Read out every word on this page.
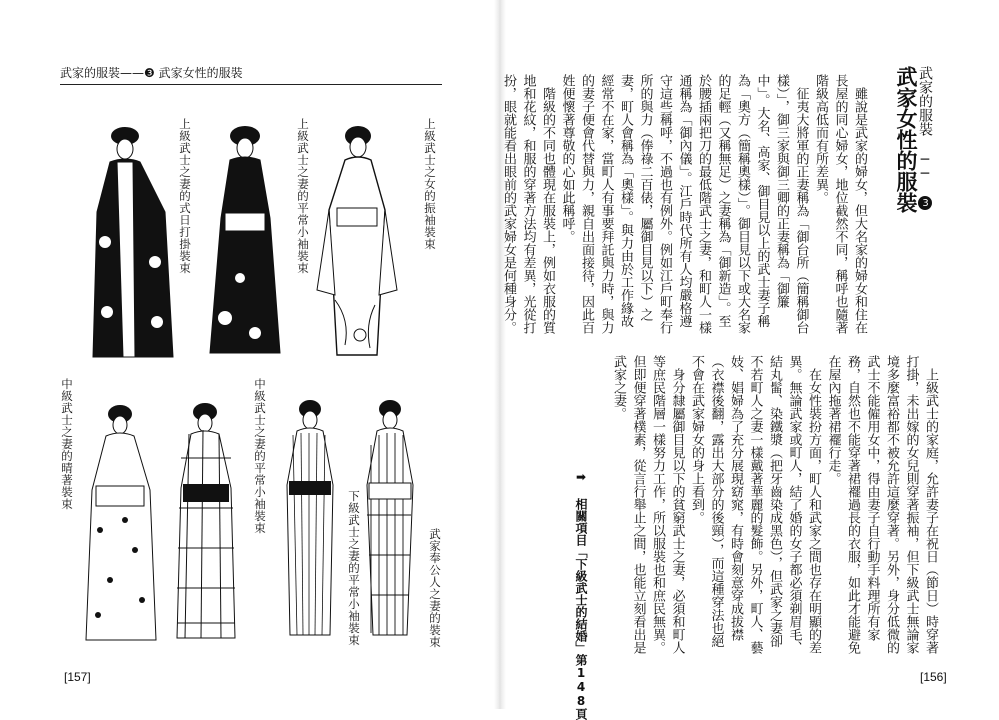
武家的服裝——❸ 武家女性的服裝
上級武士之女的振袖裝束
上級武士之妻的平常小袖裝束
上級武士之妻的式日打掛裝束
武家奉公人之妻的裝束
下級武士之妻的平常小袖裝束
中級武士之妻的平常小袖裝束
中級武士之妻的晴著裝束
[157]
武家的服裝 ── 3
武家女性的服裝

雖說是武家的婦女，但大名家的婦女和住在長屋的同心婦女，地位截然不同，稱呼也隨著階級高低而有所差異。

征夷大將軍的正妻稱為「御台所（簡稱御台樣）」，御三家與御三卿的正妻稱為「御簾中」。大名、高家、御目見以上的武士妻子稱為「奧方（簡稱奧樣）」。御目見以下或大名家的足輕（又稱無足）之妻稱為「御新造」。至於腰插兩把刀的最低階武士之妻，和町人一樣通稱為「御內儀」。江戶時代所有人均嚴格遵守這些稱呼，不過也有例外。例如江戶町奉行所的與力（俸祿二百俵，屬御目見以下）之妻，町人會稱為「奧樣」。與力由於工作緣故經常不在家，當町人有事要拜託與力時，與力的妻子便會代替與力，親自出面接待，因此百姓便懷著尊敬的心如此稱呼。

階級的不同也體現在服裝上，例如衣服的質地和花紋，和服的穿著方法均有差異，光從打扮，眼就能看出眼前的武家婦女是何種身分。

上級武士的家庭，允許妻子在祝日（節日）時穿著打掛，未出嫁的女兒則穿著振袖，但下級武士無論家境多麼富裕都不被允許這麼穿著。另外，身分低微的武士不能僱用女中，得由妻子自行動手料理所有家務，自然也不能穿著裙襬過長的衣服，如此才能避免在屋內拖著裙襬行走。

在女性裝扮方面，町人和武家之間也存在明顯的差異。無論武家或町人，結了婚的女子都必須剃眉毛、結丸髷、染鐵漿（把牙齒染成黑色），但武家之妻卻不若町人之妻一樣戴著華麗的髮飾。另外，町人、藝妓、娼婦為了充分展現窈窕，有時會刻意穿成拔襟（衣襟後翻，露出大部分的後頸），而這種穿法也絕不會在武家婦女的身上看到。

身分隸屬御目見以下的貧窮武士之妻，必須和町人等庶民階層一樣努力工作，所以服裝也和庶民無異。但即便穿著樸素，從言行舉止之間，也能立刻看出是武家之妻。

➡ 相關項目「下級武士的結婚」第148頁	[156]
